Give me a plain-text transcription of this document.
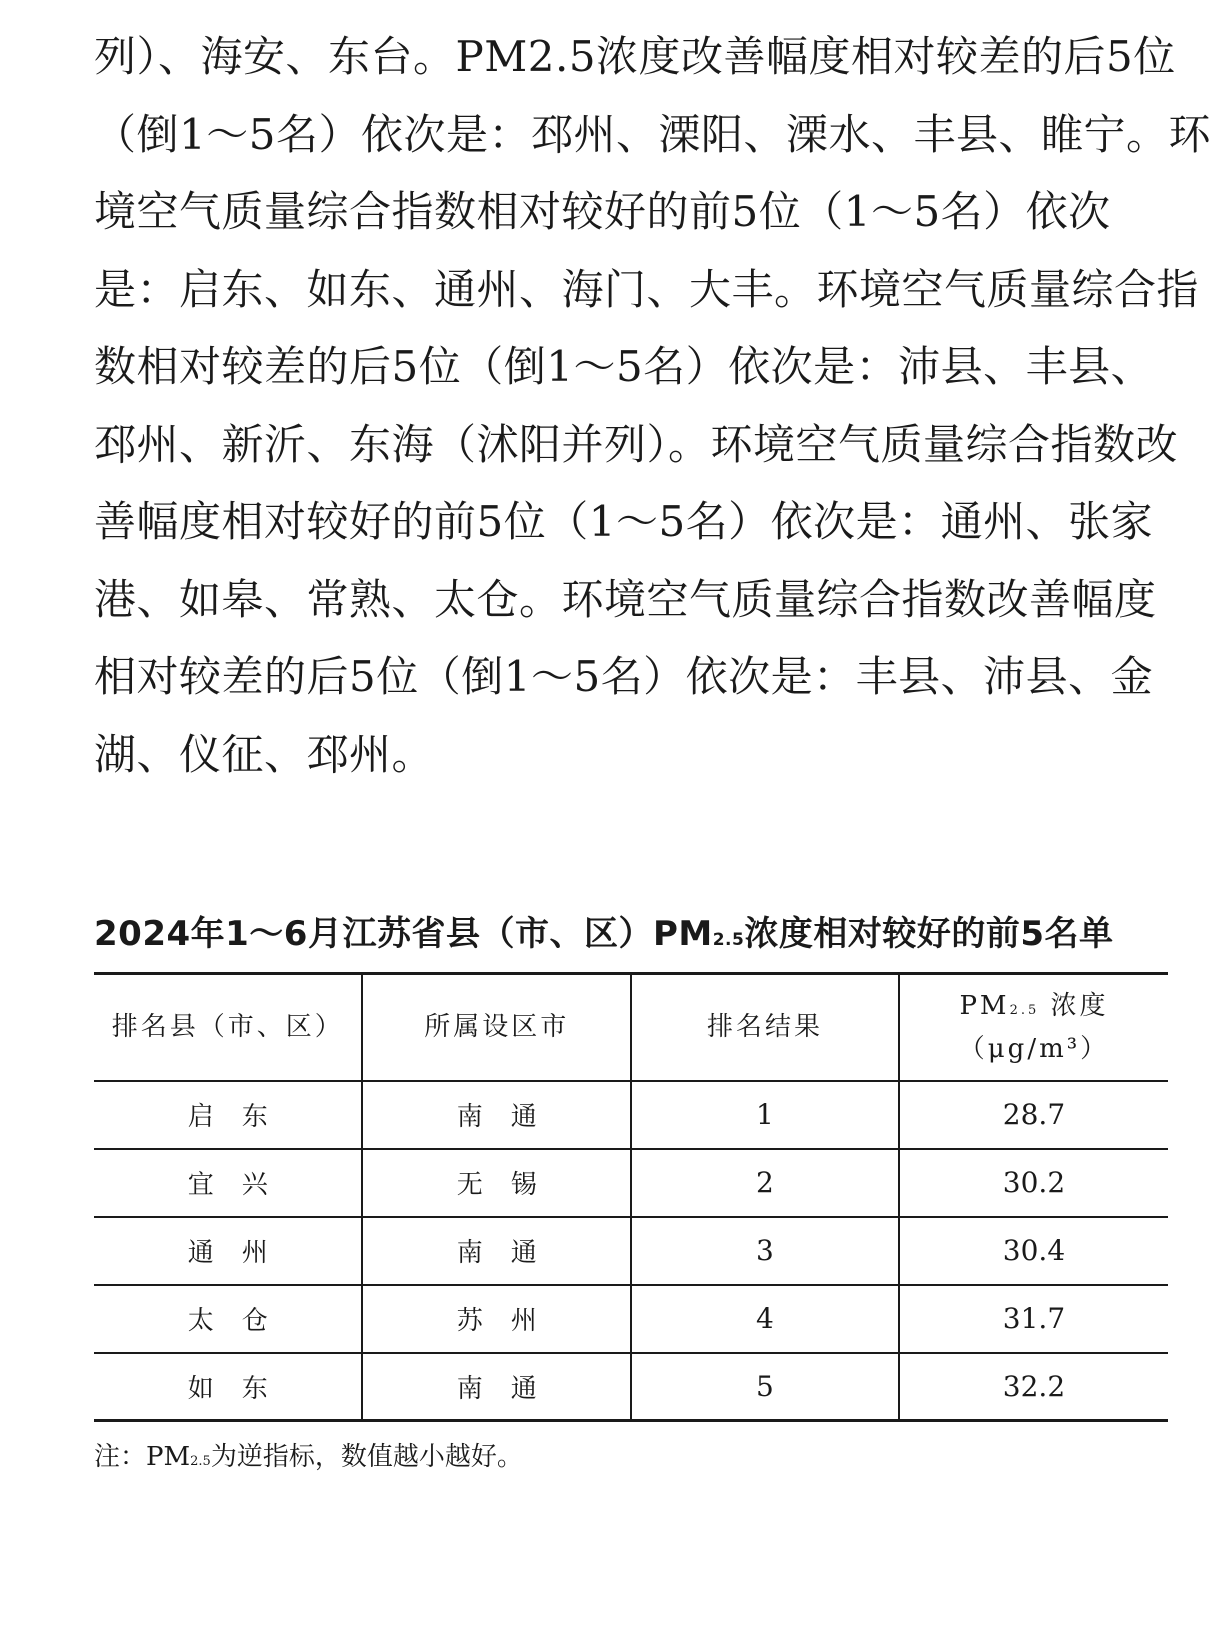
列）、海安、东台。PM2.5浓度改善幅度相对较差的后5位
（倒1～5名）依次是：邳州、溧阳、溧水、丰县、睢宁。环
境空气质量综合指数相对较好的前5位（1～5名）依次
是：启东、如东、通州、海门、大丰。环境空气质量综合指
数相对较差的后5位（倒1～5名）依次是：沛县、丰县、
邳州、新沂、东海（沭阳并列）。环境空气质量综合指数改
善幅度相对较好的前5位（1～5名）依次是：通州、张家
港、如皋、常熟、太仓。环境空气质量综合指数改善幅度
相对较差的后5位（倒1～5名）依次是：丰县、沛县、金
湖、仪征、邳州。

2024年1～6月江苏省县（市、区）PM2.5浓度相对较好的前5名单
排名县（市、区）	所属设区市	排名结果	PM2.5 浓度
（μg/m³）

启东	南通	1	28.7
宜兴	无锡	2	30.2
通州	南通	3	30.4
太仓	苏州	4	31.7
如东	南通	5	32.2
注：PM2.5为逆指标，数值越小越好。
